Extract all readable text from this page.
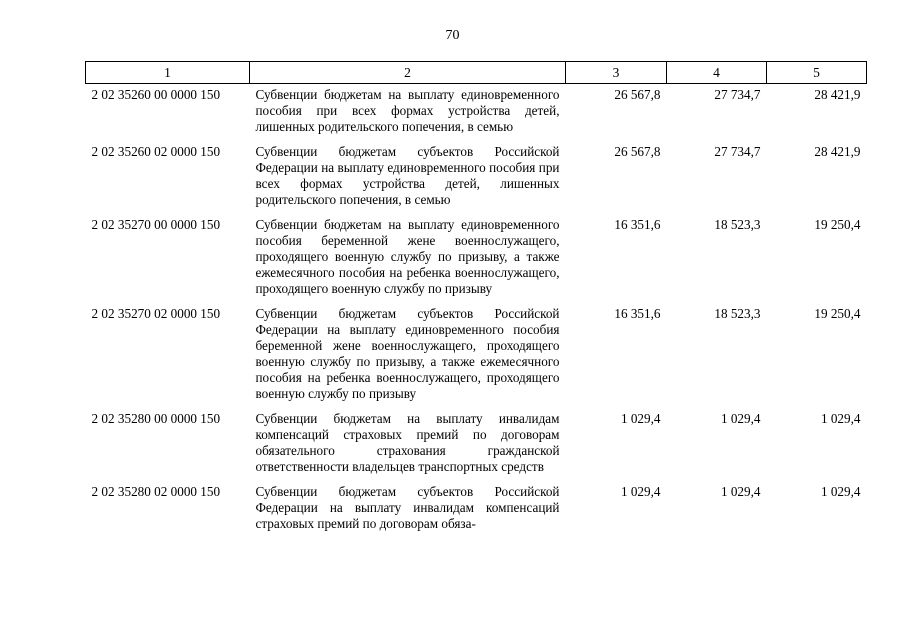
70
1	2	3	4	5
2 02 35260 00 0000 150	Субвенции бюджетам на выплату единовременного пособия при всех формах устройства детей, лишенных родительского попечения, в семью	26 567,8	27 734,7	28 421,9
2 02 35260 02 0000 150	Субвенции бюджетам субъектов Российской Федерации на выплату единовременного пособия при всех формах устройства детей, лишенных родительского попечения, в семью	26 567,8	27 734,7	28 421,9
2 02 35270 00 0000 150	Субвенции бюджетам на выплату единовременного пособия беременной жене военнослужащего, проходящего военную службу по призыву, а также ежемесячного пособия на ребенка военнослужащего, проходящего военную службу по призыву	16 351,6	18 523,3	19 250,4
2 02 35270 02 0000 150	Субвенции бюджетам субъектов Российской Федерации на выплату единовременного пособия беременной жене военнослужащего, проходящего военную службу по призыву, а также ежемесячного пособия на ребенка военнослужащего, проходящего военную службу по призыву	16 351,6	18 523,3	19 250,4
2 02 35280 00 0000 150	Субвенции бюджетам на выплату инвалидам компенсаций страховых премий по договорам обязательного страхования гражданской ответственности владельцев транспортных средств	1 029,4	1 029,4	1 029,4
2 02 35280 02 0000 150	Субвенции бюджетам субъектов Российской Федерации на выплату инвалидам компенсаций страховых премий по договорам обяза-	1 029,4	1 029,4	1 029,4
